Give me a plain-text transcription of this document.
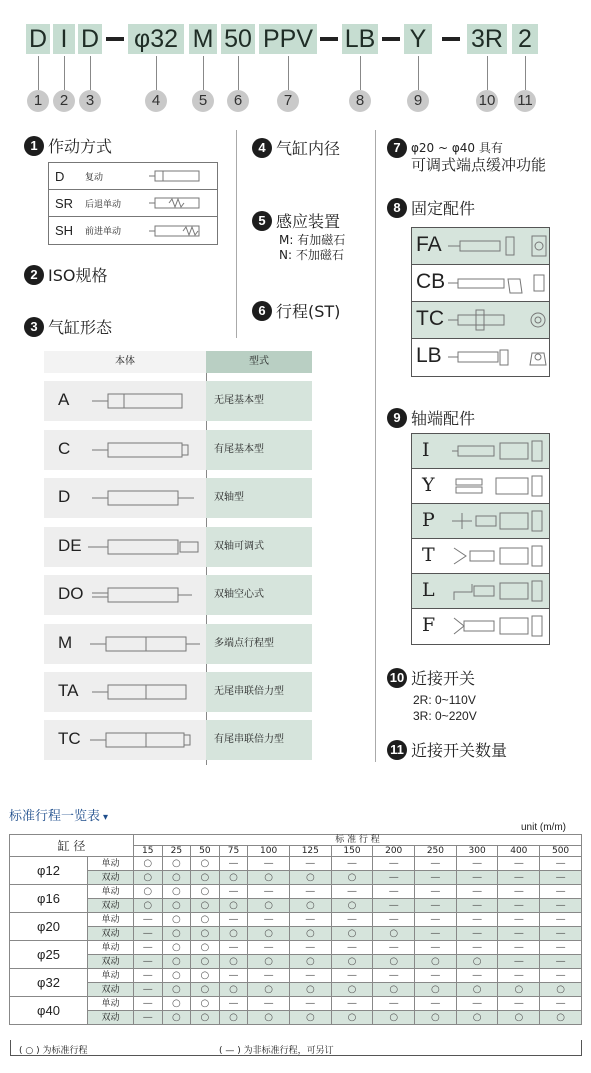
D I D φ32 M 50 PPV LB Y 3R 2
1	2	3	4	5	6	7	8	9	10 11
1 作动方式
D	复动
SR	后退单动
SH	前进单动
2 ISO规格
3 气缸形态
本体	型式
A	无尾基本型
C	有尾基本型
D	双轴型
DE	双轴可调式
DO	双轴空心式
M	多端点行程型
TA	无尾串联倍力型
TC	有尾串联倍力型
4 气缸内径
5 感应装置
M: 有加磁石
N: 不加磁石
6 行程(ST)
7 φ20 ~ φ40 具有
可调式端点缓冲功能
8 固定配件
FA
CB
TC
LB
9 轴端配件
I
Y
P
T
L
F
10 近接开关
2R: 0~110V
3R: 0~220V
11 近接开关数量
标准行程一览表 ▾
unit (m/m)
缸 径		标 准 行 程											
		15	25	50	75	100	125	150	200	250	300	400	500
φ12	单动	○	○	○	—	—	—	—	—	—	—	—	—
	双动	○	○	○	○	○	○	○	—	—	—	—	—
φ16	单动	○	○	○	—	—	—	—	—	—	—	—	—
	双动	○	○	○	○	○	○	○	—	—	—	—	—
φ20	单动	—	○	○	—	—	—	—	—	—	—	—	—
	双动	—	○	○	○	○	○	○	○	—	—	—	—
φ25	单动	—	○	○	—	—	—	—	—	—	—	—	—
	双动	—	○	○	○	○	○	○	○	○	○	—	—
φ32	单动	—	○	○	—	—	—	—	—	—	—	—	—
	双动	—	○	○	○	○	○	○	○	○	○	○	○
φ40	单动	—	○	○	—	—	—	—	—	—	—	—	—
	双动	—	○	○	○	○	○	○	○	○	○	○	○
( ○ ) 为标准行程	( — ) 为非标准行程，可另订
